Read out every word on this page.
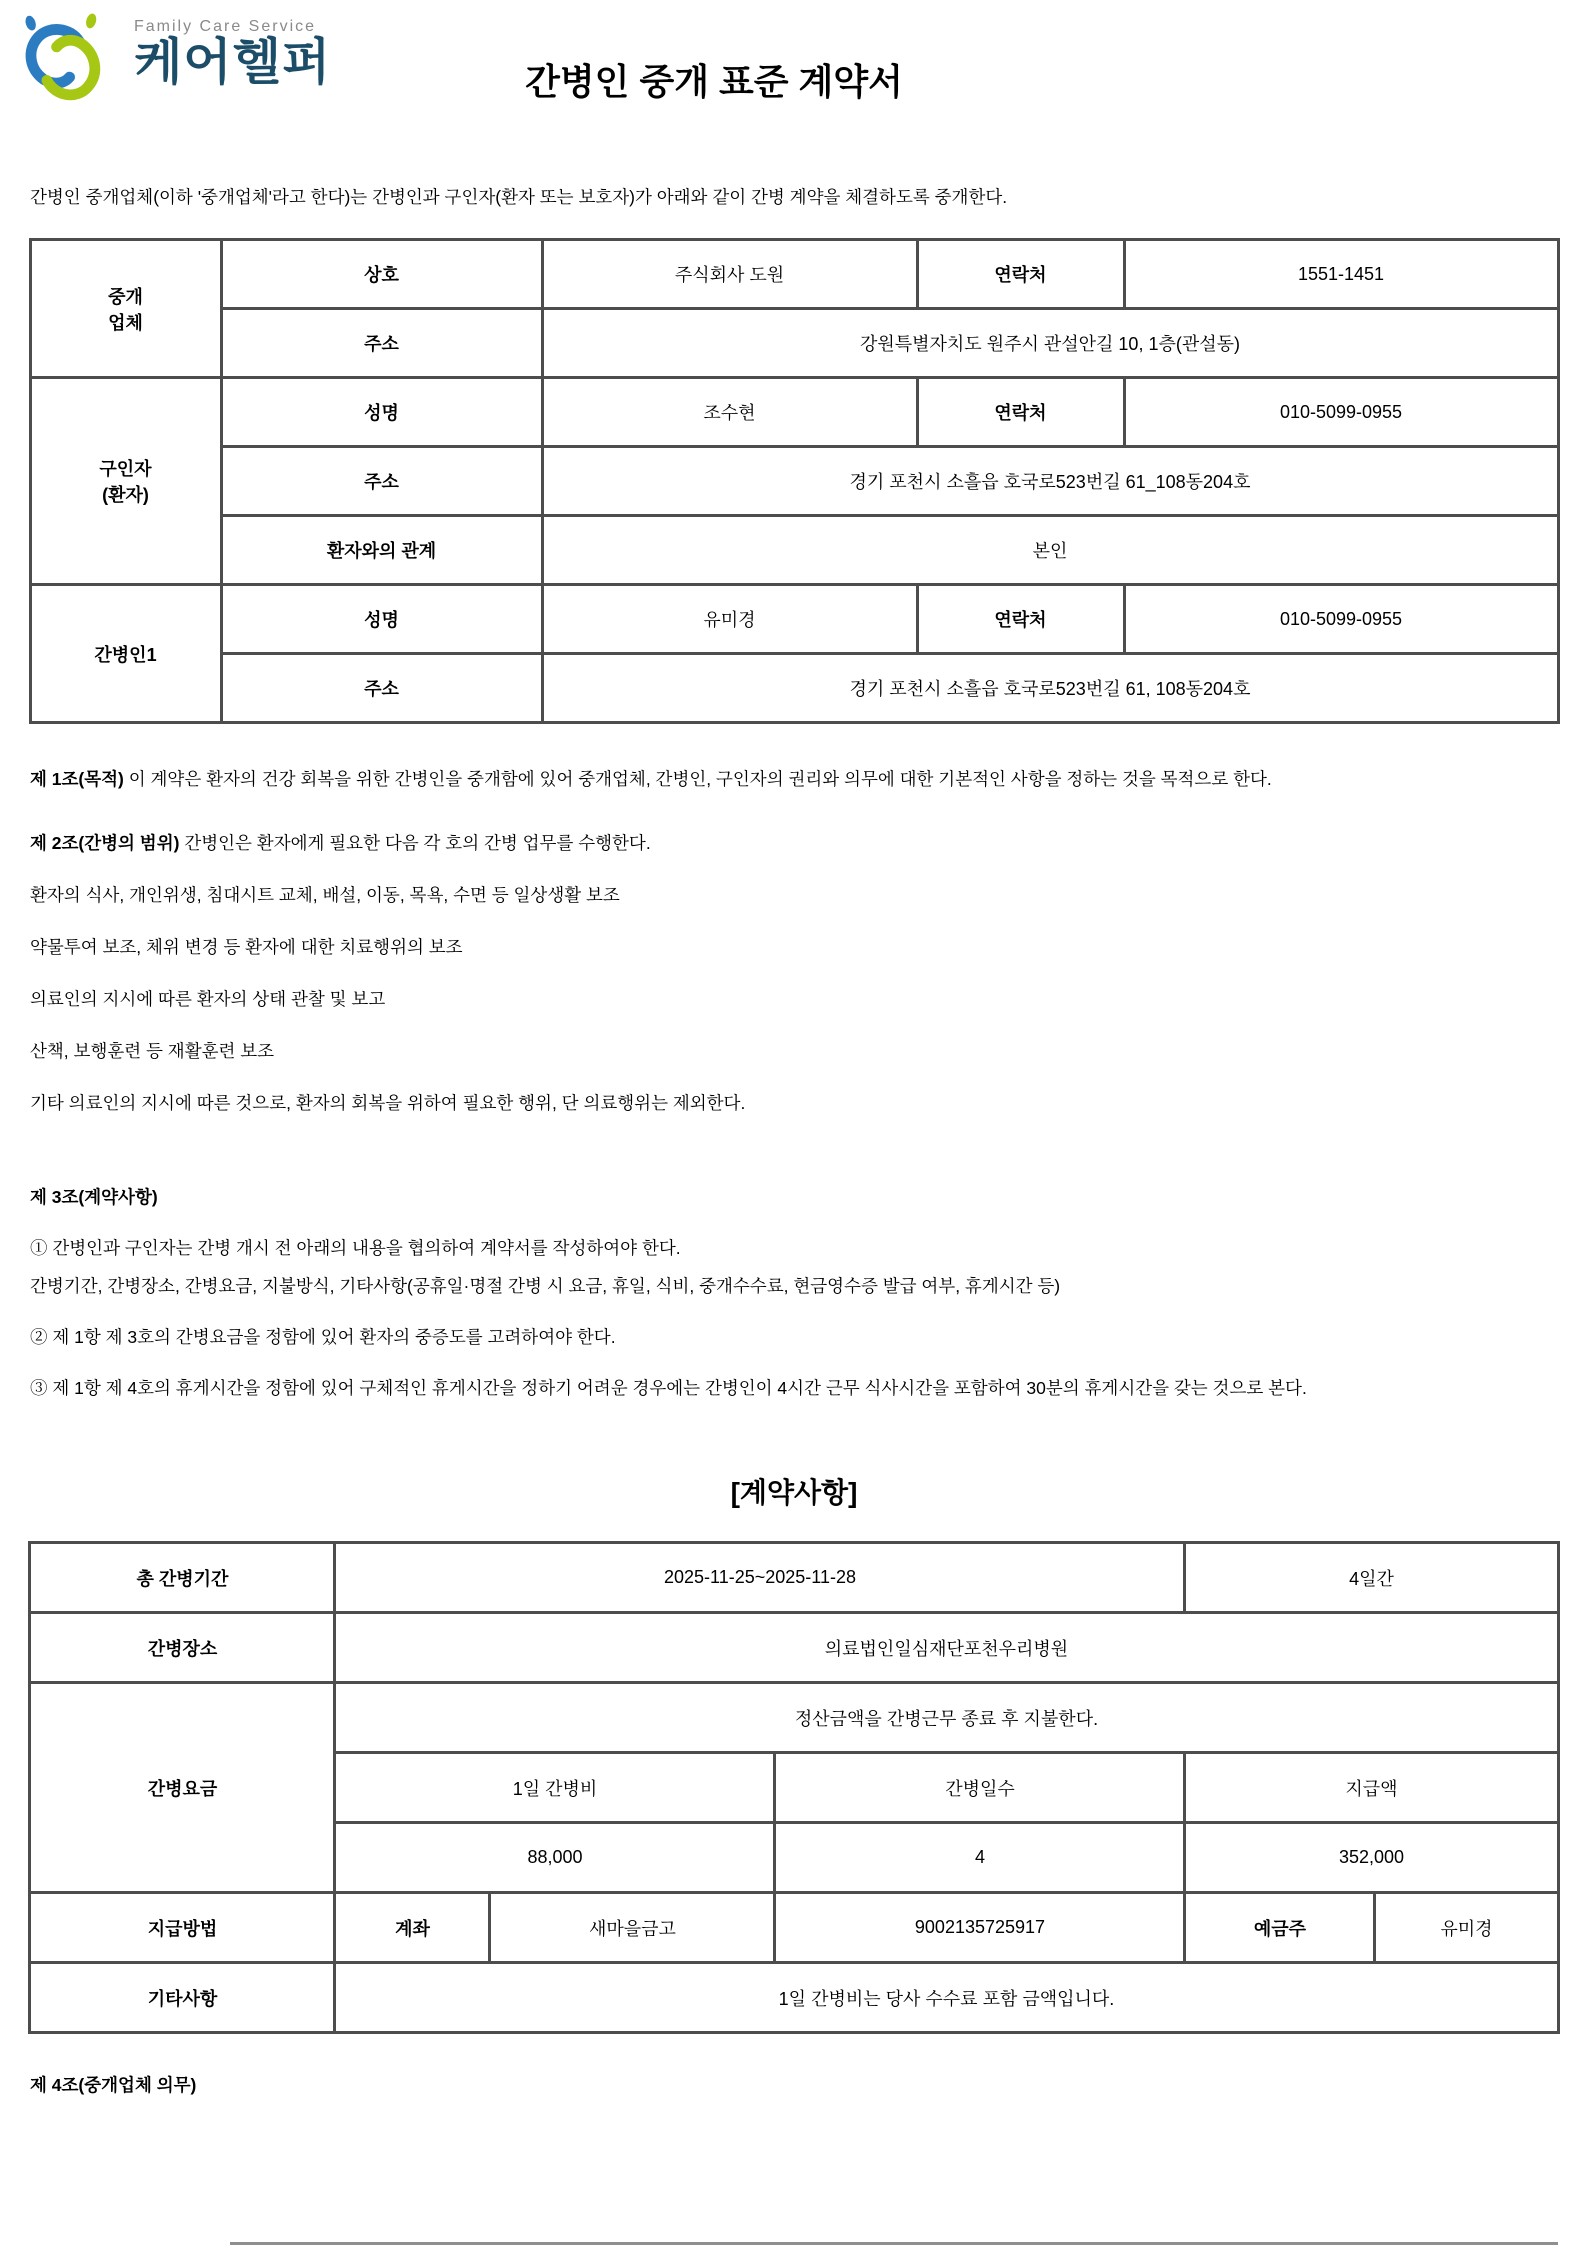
Family Care Service
케어헬퍼	간병인 중개 표준 계약서

간병인 중개업체(이하 '중개업체'라고 한다)는 간병인과 구인자(환자 또는 보호자)가 아래와 같이 간병 계약을 체결하도록 중개한다.

중개
업체	상호	주식회사 도원	연락처	1551-1451
	주소	강원특별자치도 원주시 관설안길 10, 1층(관설동)		
구인자
(환자)	성명	조수현	연락처	010-5099-0955
	주소	경기 포천시 소흘읍 호국로523번길 61_108동204호		
	환자와의 관계	본인		
간병인1	성명	유미경	연락처	010-5099-0955
	주소	경기 포천시 소흘읍 호국로523번길 61, 108동204호		

제 1조(목적) 이 계약은 환자의 건강 회복을 위한 간병인을 중개함에 있어 중개업체, 간병인, 구인자의 권리와 의무에 대한 기본적인 사항을 정하는 것을 목적으로 한다.

제 2조(간병의 범위) 간병인은 환자에게 필요한 다음 각 호의 간병 업무를 수행한다.

환자의 식사, 개인위생, 침대시트 교체, 배설, 이동, 목욕, 수면 등 일상생활 보조

약물투여 보조, 체위 변경 등 환자에 대한 치료행위의 보조

의료인의 지시에 따른 환자의 상태 관찰 및 보고

산책, 보행훈련 등 재활훈련 보조

기타 의료인의 지시에 따른 것으로, 환자의 회복을 위하여 필요한 행위, 단 의료행위는 제외한다.

제 3조(계약사항)

① 간병인과 구인자는 간병 개시 전 아래의 내용을 협의하여 계약서를 작성하여야 한다.

간병기간, 간병장소, 간병요금, 지불방식, 기타사항(공휴일·명절 간병 시 요금, 휴일, 식비, 중개수수료, 현금영수증 발급 여부, 휴게시간 등)

② 제 1항 제 3호의 간병요금을 정함에 있어 환자의 중증도를 고려하여야 한다.

③ 제 1항 제 4호의 휴게시간을 정함에 있어 구체적인 휴게시간을 정하기 어려운 경우에는 간병인이 4시간 근무 식사시간을 포함하여 30분의 휴게시간을 갖는 것으로 본다.

[계약사항]
총 간병기간	2025-11-25~2025-11-28			4일간	
간병장소	의료법인일심재단포천우리병원				
간병요금	정산금액을 간병근무 종료 후 지불한다.				
	1일 간병비		간병일수	지급액	
	88,000		4	352,000	
지급방법	계좌	새마을금고	9002135725917	예금주	유미경
기타사항	1일 간병비는 당사 수수료 포함 금액입니다.				

제 4조(중개업체 의무)
